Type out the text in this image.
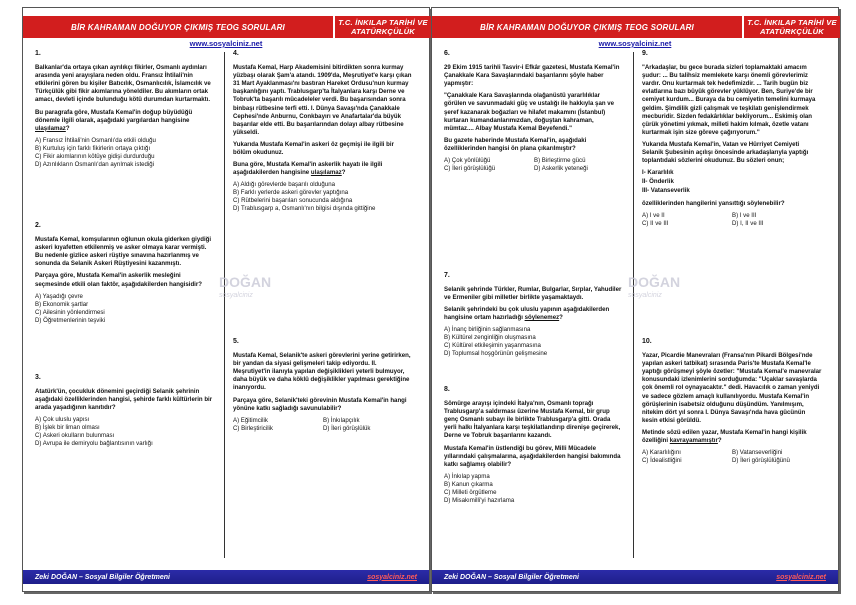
BİR KAHRAMAN DOĞUYOR ÇIKMIŞ TEOG SORULARI	T.C. İNKILAP TARİHİ VE ATATÜRKÇÜLÜK
www.sosyalciniz.net
DOĞAN
sosyalciniz
1.
Balkanlar'da ortaya çıkan ayrılıkçı fikirler, Osmanlı aydınları arasında yeni arayışlara neden oldu. Fransız İhtilali'nin etkilerini gören bu kişiler Batıcılık, Osmanlıcılık, İslamcılık ve Türkçülük gibi fikir akımlarına yöneldiler. Bu akımların ortak amacı, devleti içinde bulunduğu kötü durumdan kurtarmaktı.
Bu paragrafa göre, Mustafa Kemal'in doğup büyüdüğü dönemle ilgili olarak, aşağıdaki yargılardan hangisine ulaşılamaz?
A) Fransız İhtilali'nin Osmanlı'da etkili olduğu
B) Kurtuluş için farklı fikirlerin ortaya çıktığı
C) Fikir akımlarının kötüye gidişi durdurduğu
D) Azınlıkların Osmanlı'dan ayrılmak istediği
2.
Mustafa Kemal, komşularının oğlunun okula giderken giydiği askeri kıyafetten etkilenmiş ve asker olmaya karar vermişti. Bu nedenle gizlice askeri rüştiye sınavına hazırlanmış ve sonunda da Selanik Askeri Rüştiyesini kazanmıştı.
Parçaya göre, Mustafa Kemal'in askerlik mesleğini seçmesinde etkili olan faktör, aşağıdakilerden hangisidir?
A) Yaşadığı çevre
B) Ekonomik şartlar
C) Ailesinin yönlendirmesi
D) Öğretmenlerinin teşviki
3.
Atatürk'ün, çocukluk dönemini geçirdiği Selanik şehrinin aşağıdaki özelliklerinden hangisi, şehirde farklı kültürlerin bir arada yaşadığının kanıtıdır?
A) Çok uluslu yapısı
B) İşlek bir liman olması
C) Askeri okulların bulunması
D) Avrupa ile demiryolu bağlantısının varlığı
4.
Mustafa Kemal, Harp Akademisini bitirdikten sonra kurmay yüzbaşı olarak Şam'a atandı. 1909'da, Meşrutiyet'e karşı çıkan 31 Mart Ayaklanması'nı bastıran Hareket Ordusu'nun kurmay başkanlığını yaptı. Trablusgarp'ta İtalyanlara karşı Derne ve Tobruk'ta başarılı mücadeleler verdi. Bu başarısından sonra binbaşı rütbesine terfi etti. I. Dünya Savaşı'nda Çanakkale Cephesi'nde Anburnu, Conkbayırı ve Anafartalar'da büyük başarılar elde etti. Bu başarılarından dolayı albay rütbesine yükseldi.
Yukarıda Mustafa Kemal'in askeri öz geçmişi ile ilgili bir bölüm okudunuz.
Buna göre, Mustafa Kemal'in askerlik hayatı ile ilgili aşağıdakilerden hangisine ulaşılamaz?
A) Aldığı görevlerde başarılı olduğuna
B) Farklı yerlerde askeri görevler yaptığına
C) Rütbelerini başarıları sonucunda aldığına
D) Trablusgarp a, Osmanlı'nın bilgisi dışında gittiğine
5.
Mustafa Kemal, Selanik'te askeri görevlerini yerine getirirken, bir yandan da siyasi gelişmeleri takip ediyordu. II. Meşrutiyet'in ilanıyla yapılan değişiklikleri yeterli bulmuyor, daha büyük ve daha köklü değişiklikler yapılması gerektiğine inanıyordu.
Parçaya göre, Selanik'teki görevinin Mustafa Kemal'in hangi yönüne katkı sağladığı savunulabilir?
A) Eğitimcilik	B) İnkılapçılık
C) Birleştiricilik	D) İleri görüşlülük
Zeki DOĞAN – Sosyal Bilgiler Öğretmeni	sosyalciniz.net
BİR KAHRAMAN DOĞUYOR ÇIKMIŞ TEOG SORULARI	T.C. İNKILAP TARİHİ VE ATATÜRKÇÜLÜK
www.sosyalciniz.net
DOĞAN
sosyalciniz
6.
29 Ekim 1915 tarihli Tasvir-i Efkâr gazetesi, Mustafa Kemal'in Çanakkale Kara Savaşlarındaki başarılarını şöyle haber yapmıştır:
"Çanakkale Kara Savaşlarında olağanüstü yararlılıklar görülen ve savunmadaki güç ve ustalığı ile hakkıyla şan ve şeref kazanarak boğazları ve hilafet makamını (İstanbul) kurtaran kumandanlarımızdan, doğuştan kahraman, mümtaz.... Albay Mustafa Kemal Beyefendi."
Bu gazete haberinde Mustafa Kemal'in, aşağıdaki özelliklerinden hangisi ön plana çıkarılmıştır?
A) Çok yönlülüğü	B) Birleştirme gücü
C) İleri görüşlülüğü	D) Askerlik yeteneği
7.
Selanik şehrinde Türkler, Rumlar, Bulgarlar, Sırplar, Yahudiler ve Ermeniler gibi milletler birlikte yaşamaktaydı.
Selanik şehrindeki bu çok uluslu yapının aşağıdakilerden hangisine ortam hazırladığı söylenemez?
A) İnanç birliğinin sağlanmasına
B) Kültürel zenginliğin oluşmasına
C) Kültürel etkileşimin yaşanmasına
D) Toplumsal hoşgörünün gelişmesine
8.
Sömürge arayışı içindeki İtalya'nın, Osmanlı toprağı Trablusgarp'a saldırması üzerine Mustafa Kemal, bir grup genç Osmanlı subayı ile birlikte Trablusgarp'a gitti. Orada yerli halkı İtalyanlara karşı teşkilatlandırıp direnişe geçirerek, Derne ve Tobruk başarılarını kazandı.
Mustafa Kemal'in üstlendiği bu görev, Milli Mücadele yıllarındaki çalışmalarına, aşağıdakilerden hangisi bakımında katkı sağlamış olabilir?
A) İnkılap yapma
B) Kanun çıkarma
C) Milleti örgütleme
D) Misakımilli'yi hazırlama
9.
"Arkadaşlar, bu gece burada sizleri toplamaktaki amacım şudur: ... Bu talihsiz memlekete karşı önemli görevlerimiz vardır. Onu kurtarmak tek hedefimizdir. ... Tarih bugün biz evlatlarına bazı büyük görevler yüklüyor. Ben, Suriye'de bir cemiyet kurdum... Buraya da bu cemiyetin temelini kurmaya geldim. Şimdilik gizli çalışmak ve teşkilatı genişlendirmek mecburidir. Sizden fedakârlıklar bekliyorum... Eskimiş olan çürük yönetimi yıkmak, milleti hakim kılmak, özetle vatanı kurtarmak işin size göreve çağırıyorum."
Yukarıda Mustafa Kemal'in, Vatan ve Hürriyet Cemiyeti Selanik Şubesinin açılışı öncesinde arkadaşlarıyla yaptığı toplantıdaki sözlerini okudunuz. Bu sözleri onun;
I- Kararlılık
II- Önderlik
III- Vatanseverlik
özelliklerinden hangilerini yansıttığı söylenebilir?
A) I ve II	B) I ve III
C) II ve III	D) I, II ve III
10.
Yazar, Picardie Manevraları (Fransa'nın Pikardi Bölgesi'nde yapılan askeri tatbikat) sırasında Paris'te Mustafa Kemal'le yaptığı görüşmeyi şöyle özetler: "Mustafa Kemal'e manevralar konusundaki izlenimlerini sorduğumda: "Uçaklar savaşlarda çok önemli rol oynayacaktır." dedi. Havacılık o zaman yeniydi ve sadece gözlem amaçlı kullanılıyordu. Mustafa Kemal'in görüşlerinin isabetsiz olduğunu düşündüm. Yanılmışım, nitekim dört yıl sonra I. Dünya Savaşı'nda hava gücünün kesin etkisi görüldü.
Metinde sözü edilen yazar, Mustafa Kemal'in hangi kişilik özelliğini kavrayamamıştır?
A) Kararlılığını	B) Vatanseverliğini
C) İdealistliğini	D) İleri görüşlülüğünü
Zeki DOĞAN – Sosyal Bilgiler Öğretmeni	sosyalciniz.net
